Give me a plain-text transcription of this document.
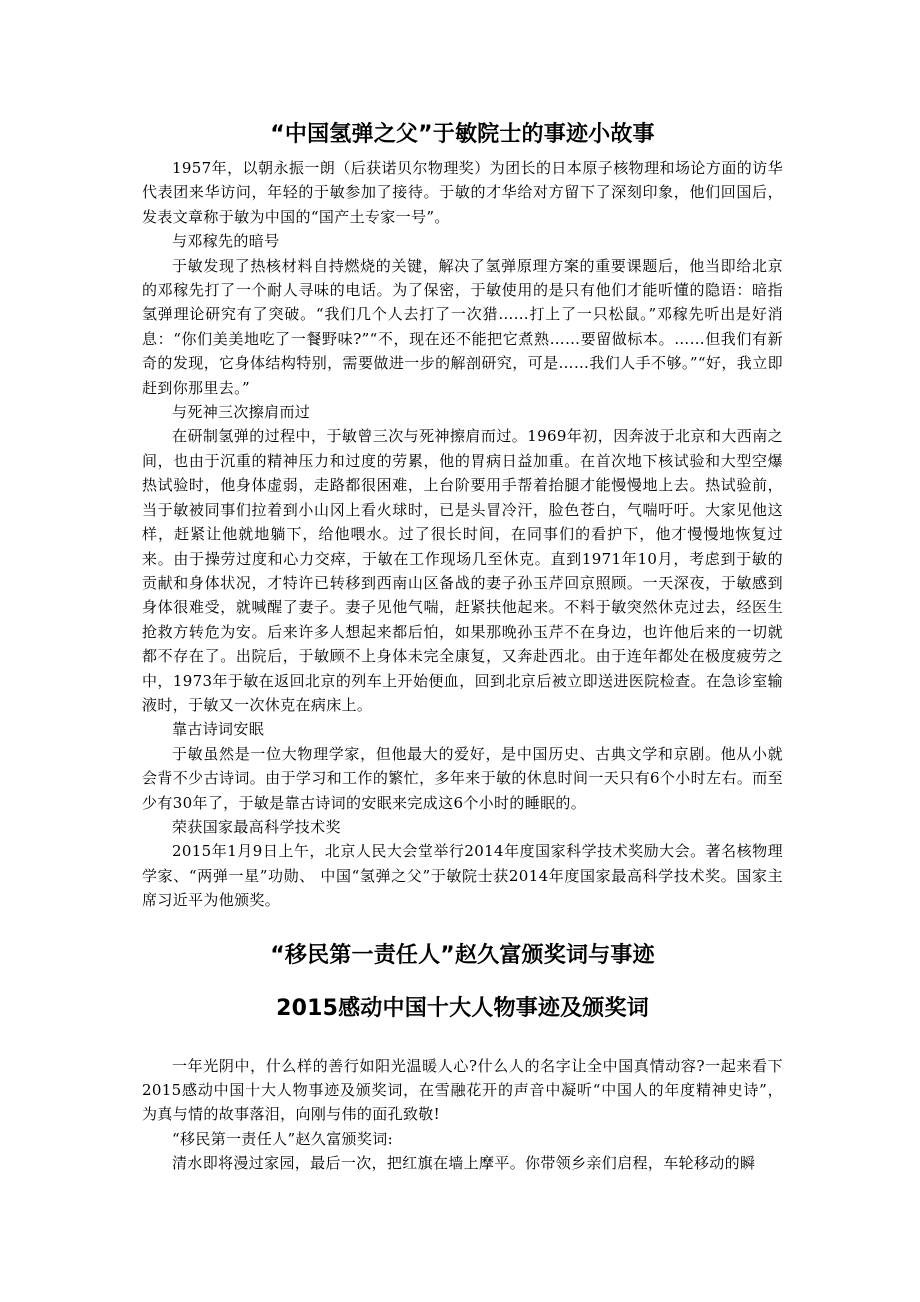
“中国氢弹之父”于敏院士的事迹小故事

1957年，以朝永振一朗（后获诺贝尔物理奖）为团长的日本原子核物理和场论方面的访华代表团来华访问，年轻的于敏参加了接待。于敏的才华给对方留下了深刻印象，他们回国后，发表文章称于敏为中国的“国产土专家一号”。

与邓稼先的暗号

于敏发现了热核材料自持燃烧的关键，解决了氢弹原理方案的重要课题后，他当即给北京的邓稼先打了一个耐人寻味的电话。为了保密，于敏使用的是只有他们才能听懂的隐语：暗指氢弹理论研究有了突破。“我们几个人去打了一次猎……打上了一只松鼠。”邓稼先听出是好消息：“你们美美地吃了一餐野味?”“不，现在还不能把它煮熟……要留做标本。……但我们有新奇的发现，它身体结构特别，需要做进一步的解剖研究，可是……我们人手不够。”“好，我立即赶到你那里去。”

与死神三次擦肩而过

在研制氢弹的过程中，于敏曾三次与死神擦肩而过。1969年初，因奔波于北京和大西南之间，也由于沉重的精神压力和过度的劳累，他的胃病日益加重。在首次地下核试验和大型空爆热试验时，他身体虚弱，走路都很困难，上台阶要用手帮着抬腿才能慢慢地上去。热试验前，当于敏被同事们拉着到小山冈上看火球时，已是头冒冷汗，脸色苍白，气喘吁吁。大家见他这样，赶紧让他就地躺下，给他喂水。过了很长时间，在同事们的看护下，他才慢慢地恢复过来。由于操劳过度和心力交瘁，于敏在工作现场几至休克。直到1971年10月，考虑到于敏的贡献和身体状况，才特许已转移到西南山区备战的妻子孙玉芹回京照顾。一天深夜，于敏感到身体很难受，就喊醒了妻子。妻子见他气喘，赶紧扶他起来。不料于敏突然休克过去，经医生抢救方转危为安。后来许多人想起来都后怕，如果那晚孙玉芹不在身边，也许他后来的一切就都不存在了。出院后，于敏顾不上身体未完全康复，又奔赴西北。由于连年都处在极度疲劳之中，1973年于敏在返回北京的列车上开始便血，回到北京后被立即送进医院检查。在急诊室输液时，于敏又一次休克在病床上。

靠古诗词安眠

于敏虽然是一位大物理学家，但他最大的爱好，是中国历史、古典文学和京剧。他从小就会背不少古诗词。由于学习和工作的繁忙，多年来于敏的休息时间一天只有6个小时左右。而至少有30年了，于敏是靠古诗词的安眠来完成这6个小时的睡眠的。

荣获国家最高科学技术奖

2015年1月9日上午，北京人民大会堂举行2014年度国家科学技术奖励大会。著名核物理学家、“两弹一星”功勋、 中国“氢弹之父”于敏院士获2014年度国家最高科学技术奖。国家主席习近平为他颁奖。

“移民第一责任人”赵久富颁奖词与事迹
2015感动中国十大人物事迹及颁奖词

一年光阴中，什么样的善行如阳光温暖人心?什么人的名字让全中国真情动容?一起来看下2015感动中国十大人物事迹及颁奖词，在雪融花开的声音中凝听“中国人的年度精神史诗”， 为真与情的故事落泪，向刚与伟的面孔致敬!

“移民第一责任人”赵久富颁奖词:

清水即将漫过家园，最后一次，把红旗在墙上摩平。你带领乡亲们启程，车轮移动的瞬
